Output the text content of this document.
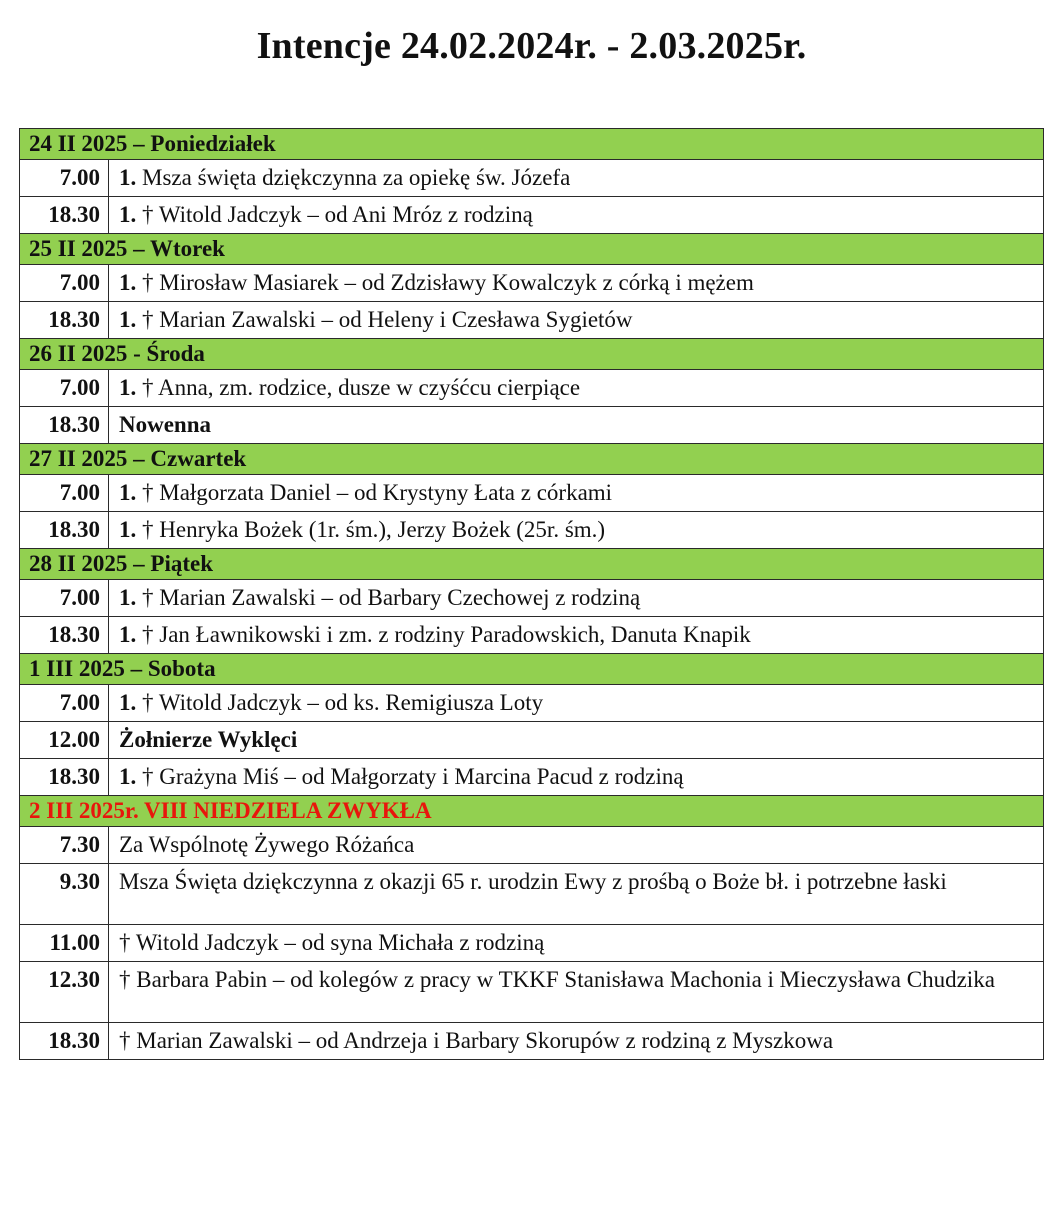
Intencje 24.02.2024r. - 2.03.2025r.
24 II 2025 – Poniedziałek	
7.00	1. Msza święta dziękczynna za opiekę św. Józefa
18.30	1. † Witold Jadczyk – od Ani Mróz z rodziną
25 II 2025 – Wtorek	
7.00	1. † Mirosław Masiarek – od Zdzisławy Kowalczyk z córką i mężem
18.30	1. † Marian Zawalski – od Heleny i Czesława Sygietów
26 II 2025 - Środa	
7.00	1. † Anna, zm. rodzice, dusze w czyśćcu cierpiące
18.30	Nowenna
27 II 2025 – Czwartek	
7.00	1. † Małgorzata Daniel – od Krystyny Łata z córkami
18.30	1. † Henryka Bożek (1r. śm.), Jerzy Bożek (25r. śm.)
28 II 2025 – Piątek	
7.00	1. † Marian Zawalski – od Barbary Czechowej z rodziną
18.30	1. † Jan Ławnikowski i zm. z rodziny Paradowskich, Danuta Knapik
1 III 2025 – Sobota	
7.00	1. † Witold Jadczyk – od ks. Remigiusza Loty
12.00	Żołnierze Wyklęci
18.30	1. † Grażyna Miś – od Małgorzaty i Marcina Pacud z rodziną
2 III 2025r. VIII NIEDZIELA ZWYKŁA	
7.30	Za Wspólnotę Żywego Różańca
9.30	Msza Święta dziękczynna z okazji 65 r. urodzin Ewy z prośbą o Boże bł. i potrzebne łaski
11.00	† Witold Jadczyk – od syna Michała z rodziną
12.30	† Barbara Pabin – od kolegów z pracy w TKKF Stanisława Machonia i Mieczysława Chudzika
18.30	† Marian Zawalski – od Andrzeja i Barbary Skorupów z rodziną z Myszkowa
